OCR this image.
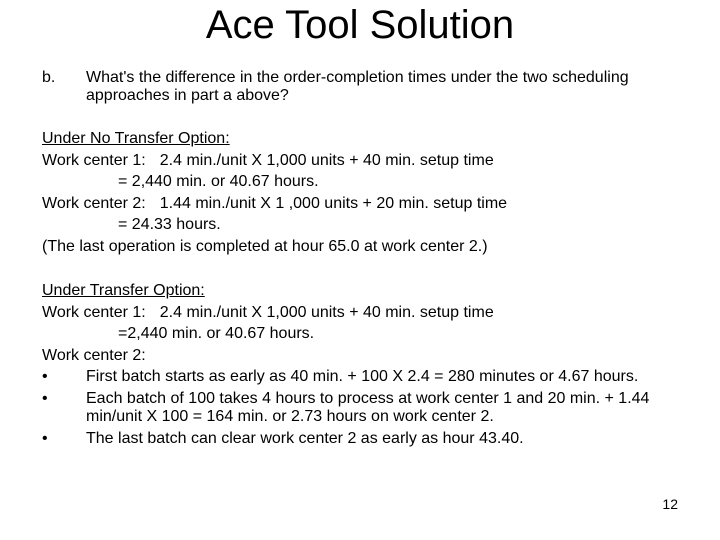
Ace Tool Solution
b. What's the difference in the order-completion times under the two scheduling approaches in part a above?
Under No Transfer Option:
Work center 1: 2.4 min./unit X 1,000 units + 40 min. setup time
= 2,440 min. or 40.67 hours.
Work center 2: 1.44 min./unit X 1 ,000 units + 20 min. setup time
= 24.33 hours.
(The last operation is completed at hour 65.0 at work center 2.)
Under Transfer Option:
Work center 1: 2.4 min./unit X 1,000 units + 40 min. setup time
=2,440 min. or 40.67 hours.
Work center 2:
•	First batch starts as early as 40 min. + 100 X 2.4 = 280 minutes or 4.67 hours.
•	Each batch of 100 takes 4 hours to process at work center 1 and 20 min. + 1.44 min/unit X 100 = 164 min. or 2.73 hours on work center 2.
•	The last batch can clear work center 2 as early as hour 43.40.
12
